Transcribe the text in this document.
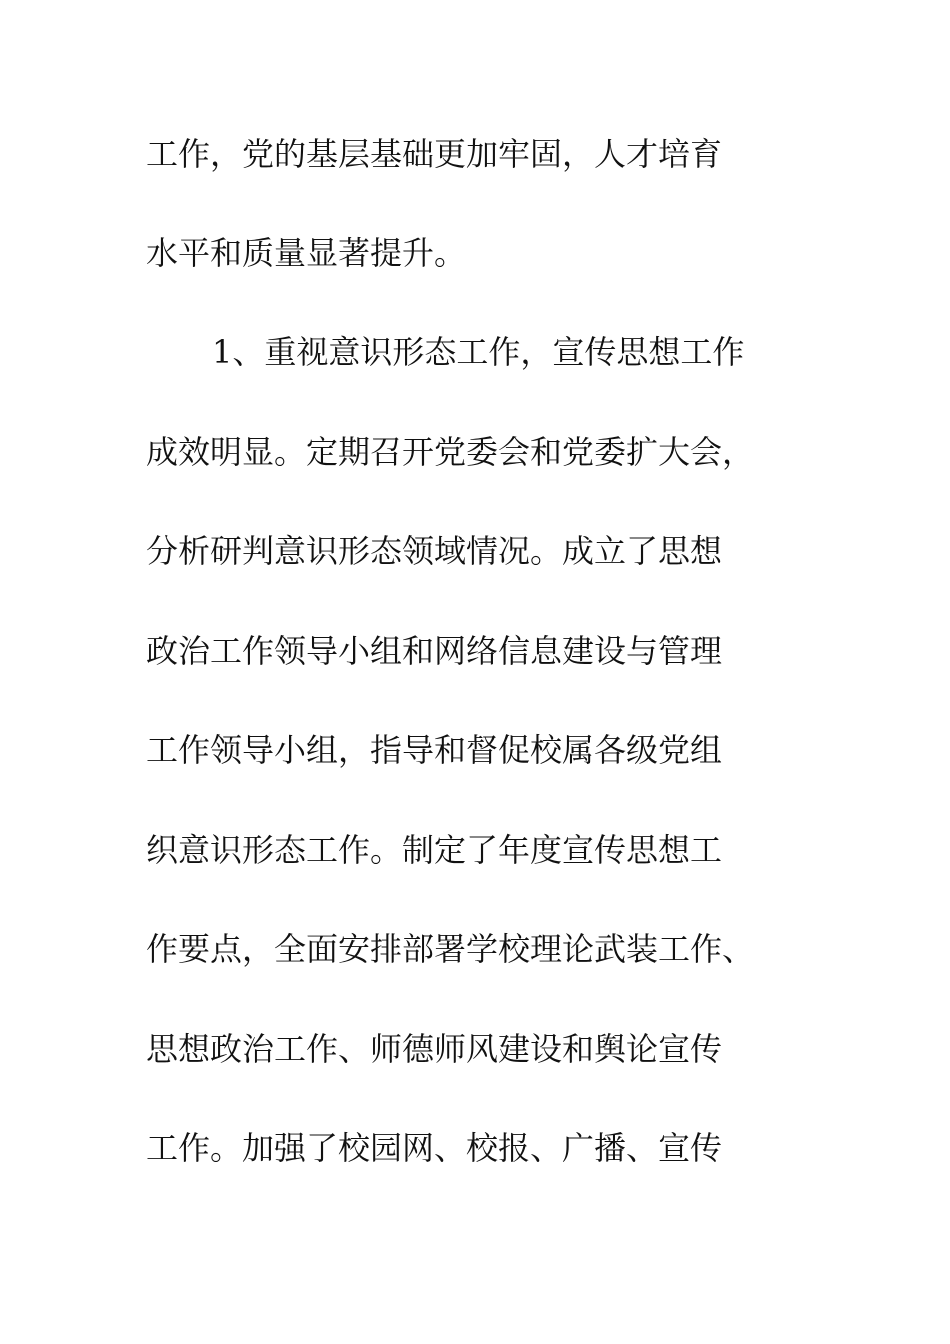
工作，党的基层基础更加牢固，人才培育
水平和质量显著提升。
1、重视意识形态工作，宣传思想工作
成效明显。定期召开党委会和党委扩大会，
分析研判意识形态领域情况。成立了思想
政治工作领导小组和网络信息建设与管理
工作领导小组，指导和督促校属各级党组
织意识形态工作。制定了年度宣传思想工
作要点，全面安排部署学校理论武装工作、
思想政治工作、师德师风建设和舆论宣传
工作。加强了校园网、校报、广播、宣传
